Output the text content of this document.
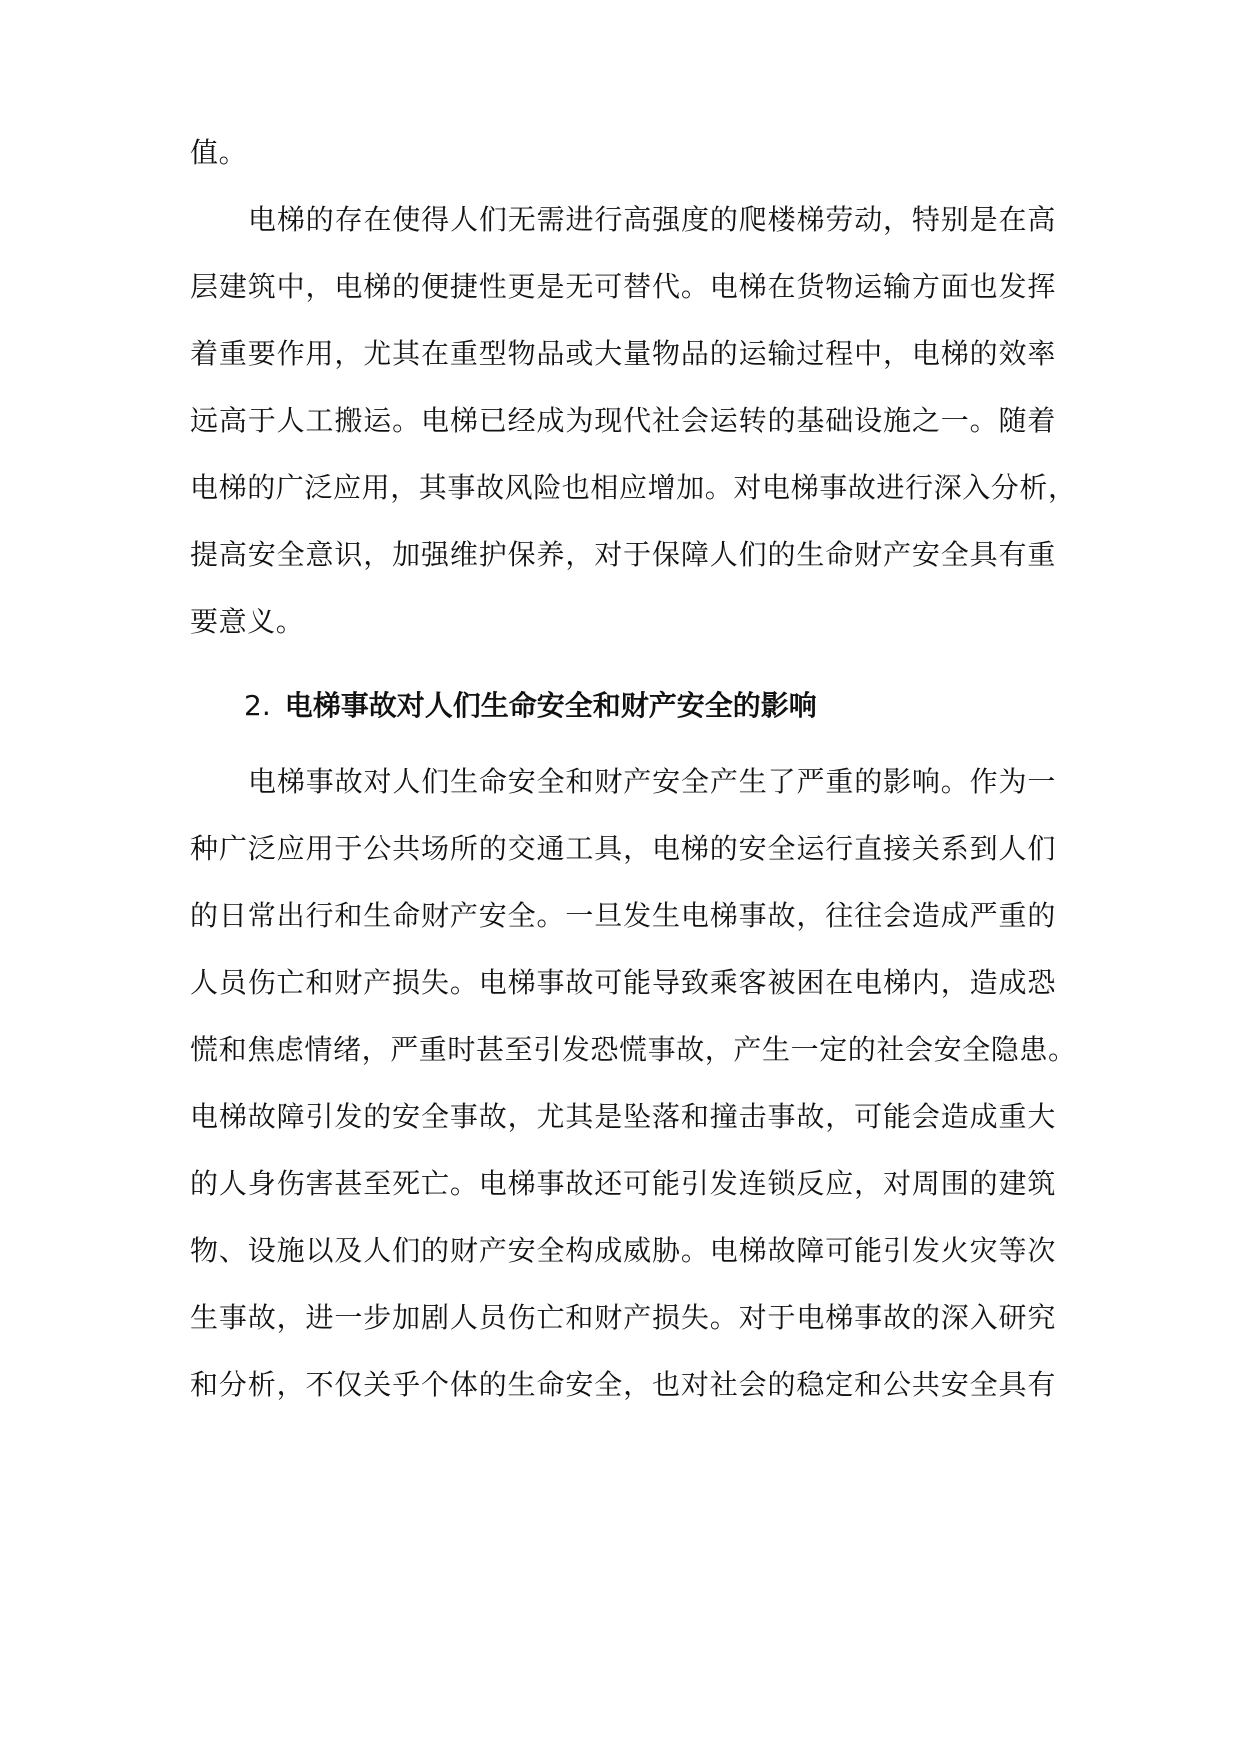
值。
电梯的存在使得人们无需进行高强度的爬楼梯劳动，特别是在高
层建筑中，电梯的便捷性更是无可替代。电梯在货物运输方面也发挥
着重要作用，尤其在重型物品或大量物品的运输过程中，电梯的效率
远高于人工搬运。电梯已经成为现代社会运转的基础设施之一。随着
电梯的广泛应用，其事故风险也相应增加。对电梯事故进行深入分析，
提高安全意识，加强维护保养，对于保障人们的生命财产安全具有重
要意义。
2. 电梯事故对人们生命安全和财产安全的影响
电梯事故对人们生命安全和财产安全产生了严重的影响。作为一
种广泛应用于公共场所的交通工具，电梯的安全运行直接关系到人们
的日常出行和生命财产安全。一旦发生电梯事故，往往会造成严重的
人员伤亡和财产损失。电梯事故可能导致乘客被困在电梯内，造成恐
慌和焦虑情绪，严重时甚至引发恐慌事故，产生一定的社会安全隐患。
电梯故障引发的安全事故，尤其是坠落和撞击事故，可能会造成重大
的人身伤害甚至死亡。电梯事故还可能引发连锁反应，对周围的建筑
物、设施以及人们的财产安全构成威胁。电梯故障可能引发火灾等次
生事故，进一步加剧人员伤亡和财产损失。对于电梯事故的深入研究
和分析，不仅关乎个体的生命安全，也对社会的稳定和公共安全具有
